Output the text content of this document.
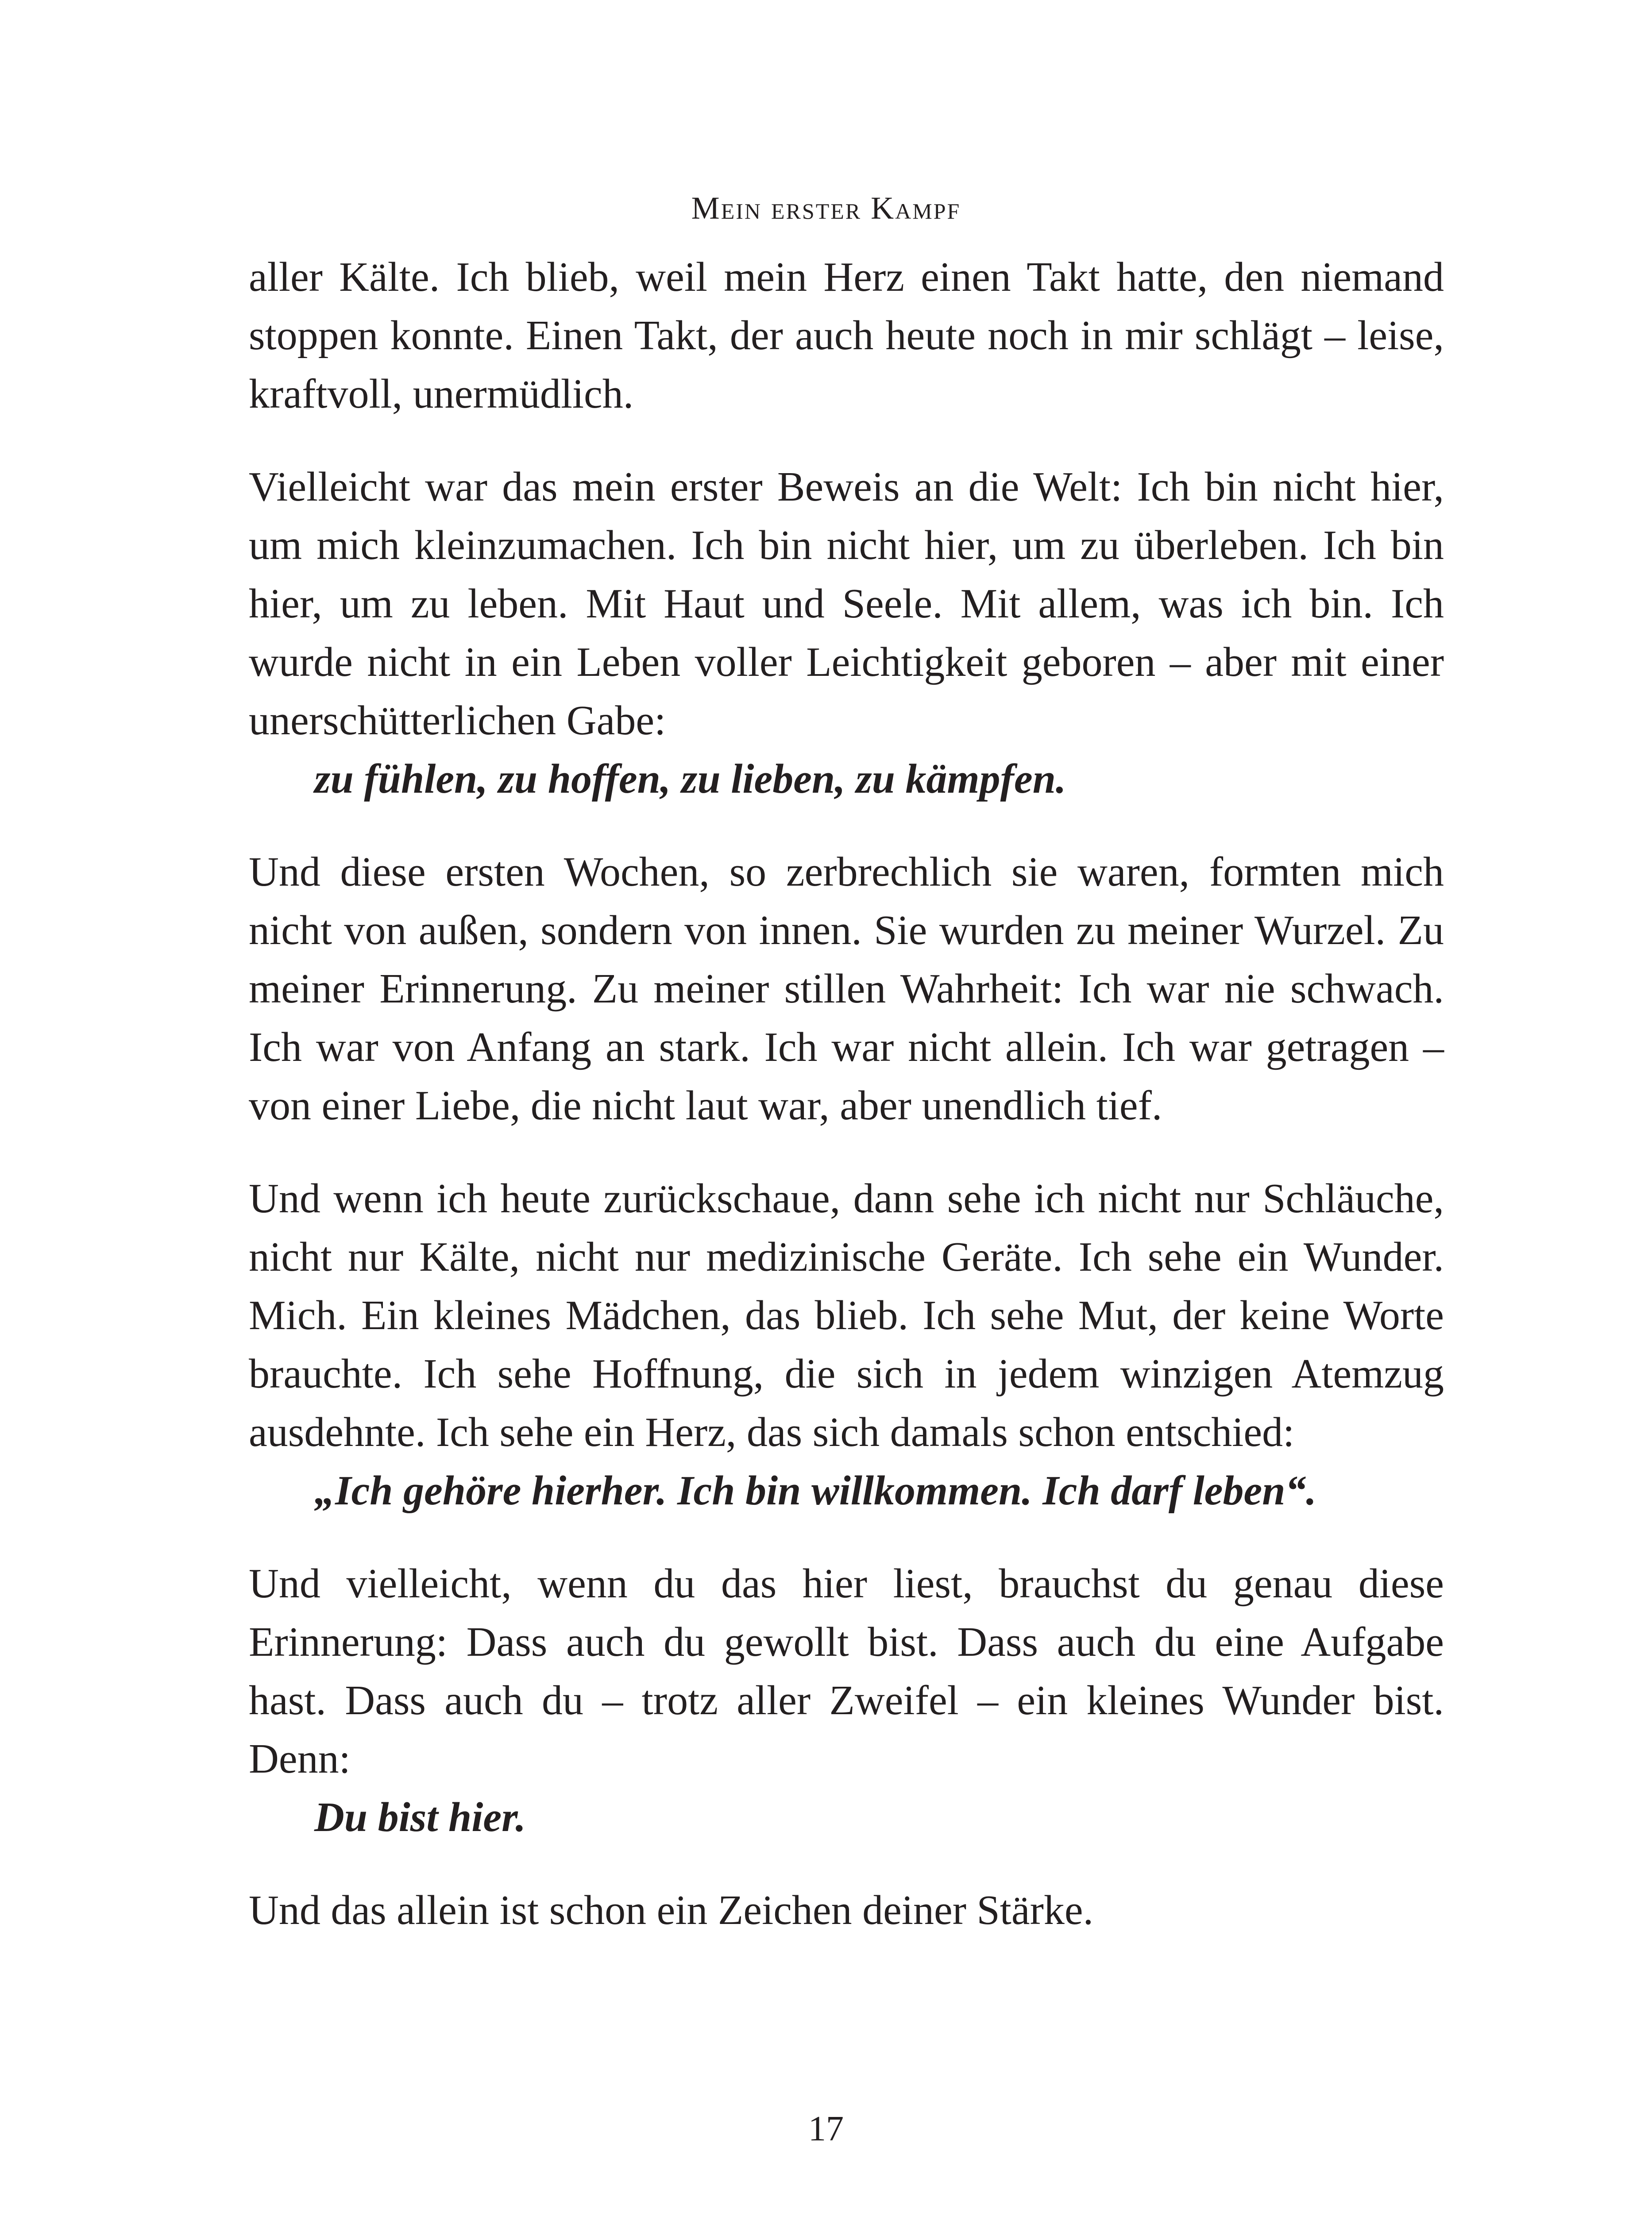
Mein erster Kampf

aller Kälte. Ich blieb, weil mein Herz einen Takt hatte, den niemand stoppen konnte. Einen Takt, der auch heute noch in mir schlägt – leise, kraftvoll, unermüdlich.

Vielleicht war das mein erster Beweis an die Welt: Ich bin nicht hier, um mich kleinzumachen. Ich bin nicht hier, um zu überleben. Ich bin hier, um zu leben. Mit Haut und Seele. Mit allem, was ich bin. Ich wurde nicht in ein Leben voller Leichtigkeit geboren – aber mit einer unerschütterlichen Gabe:

zu fühlen, zu hoffen, zu lieben, zu kämpfen.

Und diese ersten Wochen, so zerbrechlich sie waren, formten mich nicht von außen, sondern von innen. Sie wurden zu meiner Wurzel. Zu meiner Erinnerung. Zu meiner stillen Wahrheit: Ich war nie schwach. Ich war von Anfang an stark. Ich war nicht allein. Ich war getragen – von einer Liebe, die nicht laut war, aber unendlich tief.

Und wenn ich heute zurückschaue, dann sehe ich nicht nur Schläuche, nicht nur Kälte, nicht nur medizinische Geräte. Ich sehe ein Wunder. Mich. Ein kleines Mädchen, das blieb. Ich sehe Mut, der keine Worte brauchte. Ich sehe Hoffnung, die sich in jedem winzigen Atemzug ausdehnte. Ich sehe ein Herz, das sich damals schon entschied:

„Ich gehöre hierher. Ich bin willkommen. Ich darf leben“.

Und vielleicht, wenn du das hier liest, brauchst du genau diese Erinnerung: Dass auch du gewollt bist. Dass auch du eine Aufgabe hast. Dass auch du – trotz aller Zweifel – ein kleines Wunder bist. Denn:

Du bist hier.

Und das allein ist schon ein Zeichen deiner Stärke.

17
